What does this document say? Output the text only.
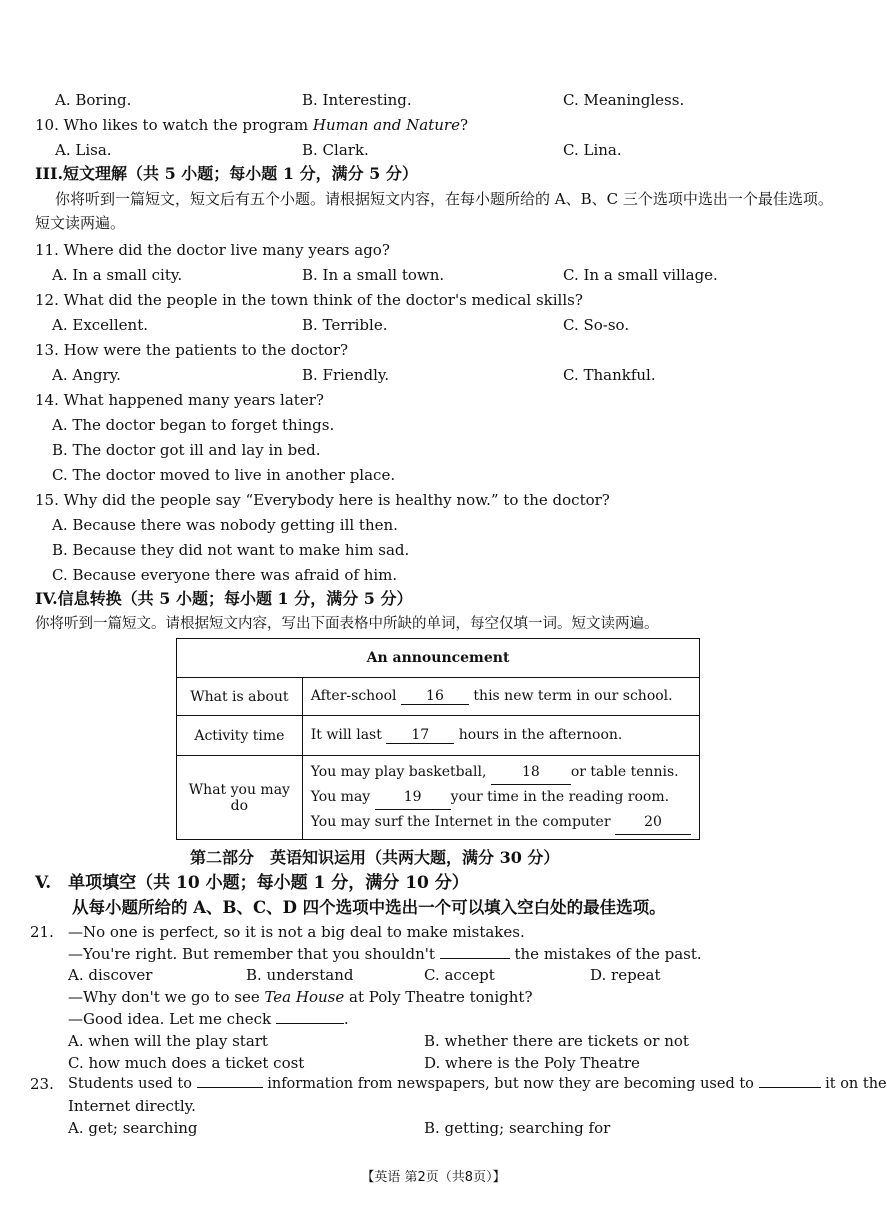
A. Boring.	B. Interesting.	C. Meaningless.
10. Who likes to watch the program Human and Nature?
A. Lisa.	B. Clark.	C. Lina.
III.短文理解（共 5 小题；每小题 1 分，满分 5 分）
你将听到一篇短文，短文后有五个小题。请根据短文内容，在每小题所给的 A、B、C 三个选项中选出一个最佳选项。短文读两遍。
11. Where did the doctor live many years ago?
A. In a small city.	B. In a small town.	C. In a small village.
12. What did the people in the town think of the doctor's medical skills?
A. Excellent.	B. Terrible.	C. So-so.
13. How were the patients to the doctor?
A. Angry.	B. Friendly.	C. Thankful.
14. What happened many years later?
A. The doctor began to forget things.
B. The doctor got ill and lay in bed.
C. The doctor moved to live in another place.
15. Why did the people say “Everybody here is healthy now.” to the doctor?
A. Because there was nobody getting ill then.
B. Because they did not want to make him sad.
C. Because everyone there was afraid of him.
IV.信息转换（共 5 小题；每小题 1 分，满分 5 分）
你将听到一篇短文。请根据短文内容，写出下面表格中所缺的单词，每空仅填一词。短文读两遍。
An announcement	
What is about	After-school 16 this new term in our school.
Activity time	It will last 17 hours in the afternoon.
What you may do	You may play basketball, 18 or table tennis.
You may 19 your time in the reading room.
You may surf the Internet in the computer 20
第二部分　英语知识运用（共两大题，满分 30 分）
V.　单项填空（共 10 小题；每小题 1 分，满分 10 分）
从每小题所给的 A、B、C、D 四个选项中选出一个可以填入空白处的最佳选项。
21. —No one is perfect, so it is not a big deal to make mistakes.
—You're right. But remember that you shouldn't	the mistakes of the past.
A. discover	B. understand	C. accept	D. repeat
—Why don't we go to see Tea House at Poly Theatre tonight?
—Good idea. Let me check	.
A. when will the play start	B. whether there are tickets or not
C. how much does a ticket cost	D. where is the Poly Theatre
23. Students used to	information from newspapers, but now they are becoming used to	it on the
Internet directly.
A. get; searching	B. getting; searching for
【英语 第2页（共8页）】
